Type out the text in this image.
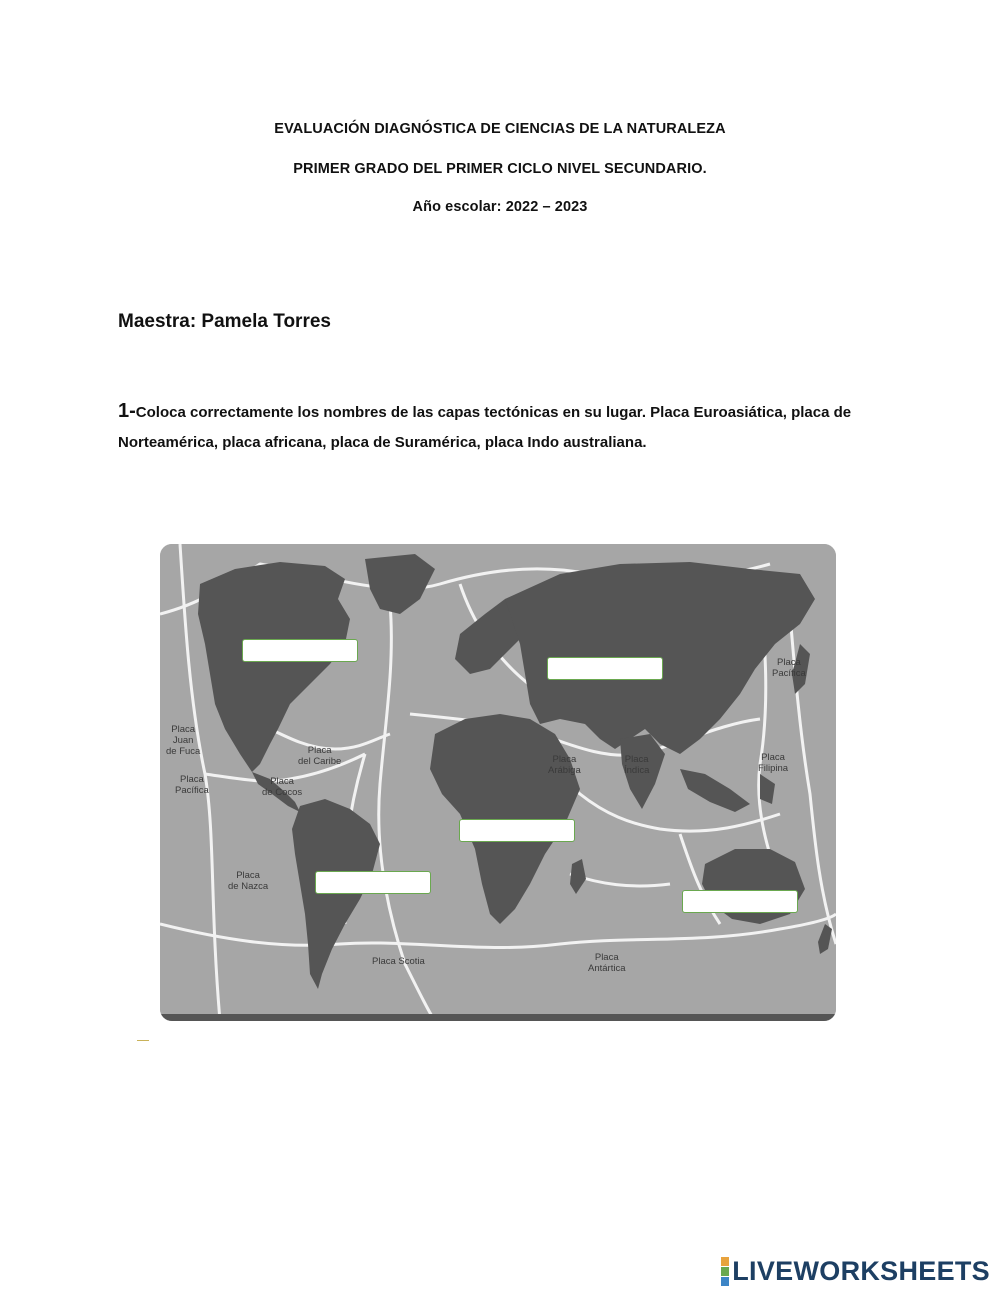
EVALUACIÓN DIAGNÓSTICA DE CIENCIAS DE LA NATURALEZA
PRIMER GRADO DEL PRIMER CICLO NIVEL SECUNDARIO.
Año escolar: 2022 – 2023
Maestra: Pamela Torres
1-Coloca correctamente los nombres de las capas tectónicas en su lugar. Placa Euroasiática, placa de Norteamérica, placa africana, placa de Suramérica, placa Indo australiana.
Placa
Pacífica
Placa
Juan
de Fuca
Placa
Pacífica
Placa
del Caribe
Placa
de Cocos
Placa
Arábiga
Placa
Índica
Placa
Filipina
Placa
de Nazca
Placa Scotia	Placa
Antártica
LIVEWORKSHEETS
